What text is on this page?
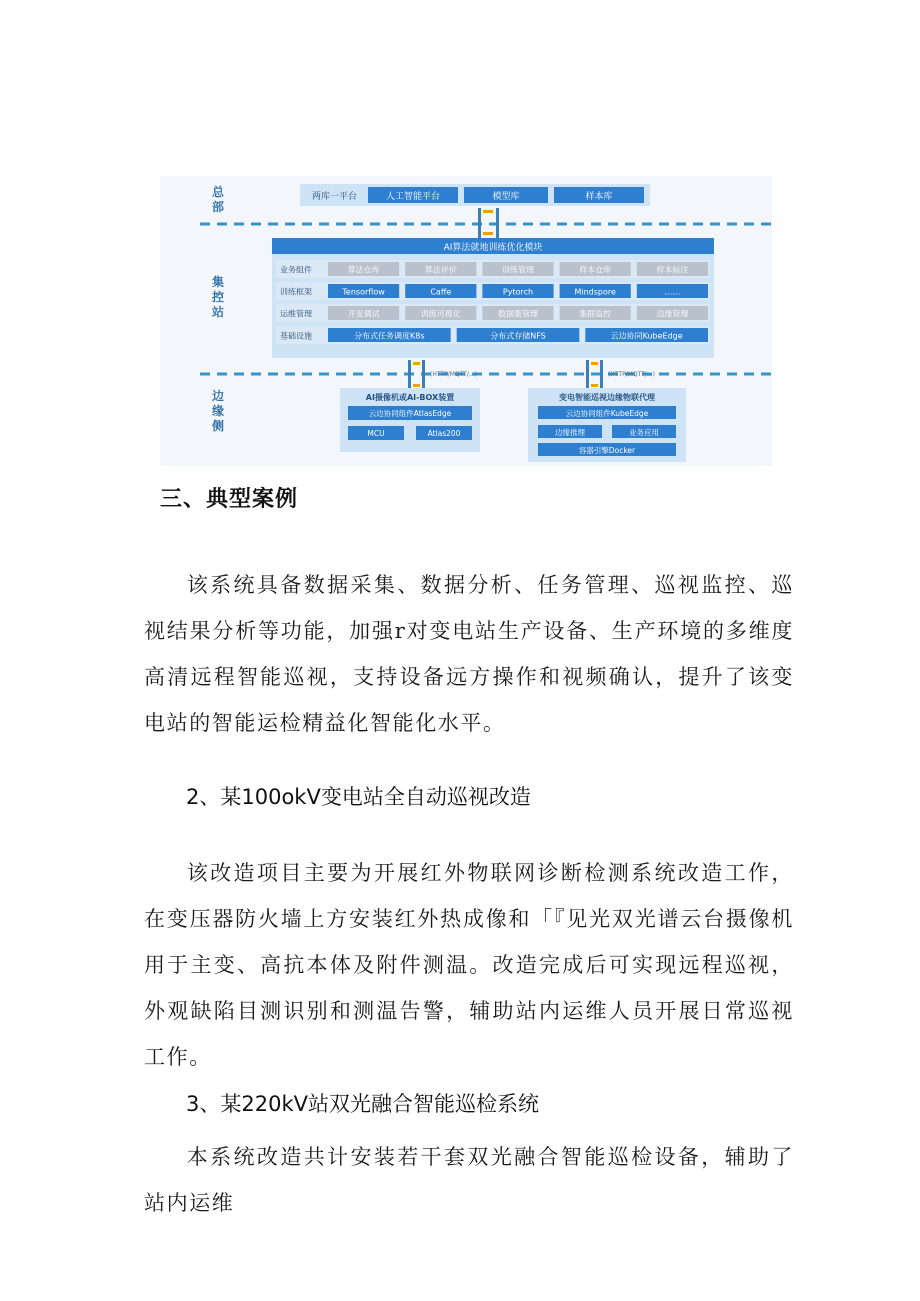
总部
集控站
边缘侧
两库一平台	人工智能平台	模型库	样本库
AI算法就地训练优化模块
业务组件	算法仓库	算法评价	训练管理	样本仓库	样本标注
训练框架	Tensorflow	Caffe	Pytorch	Mindspore	……
运维管理	开发调试	训练可视化	数据集管理	集群监控	边缘管理
基础设施	分布式任务调度K8s	分布式存储NFS	云边协同KubeEdge
(HTTP/MQTT/...)	(HTTP/MQTT/...)
AI摄像机或AI-BOX装置
云边协同组件AtlasEdge
MCU	Atlas200
变电智能巡视边缘物联代理
云边协同组件KubeEdge
边缘推理	业务应用
容器引擎Docker
三、典型案例

该系统具备数据采集、数据分析、任务管理、巡视监控、巡视结果分析等功能，加强r对变电站生产设备、生产环境的多维度高清远程智能巡视，支持设备远方操作和视频确认，提升了该变电站的智能运检精益化智能化水平。

2、某100okV变电站全自动巡视改造

该改造项目主要为开展红外物联网诊断检测系统改造工作，在变压器防火墙上方安装红外热成像和「『见光双光谱云台摄像机用于主变、高抗本体及附件测温。改造完成后可实现远程巡视，外观缺陷目测识别和测温告警，辅助站内运维人员开展日常巡视工作。

3、某220kV站双光融合智能巡检系统

本系统改造共计安装若干套双光融合智能巡检设备，辅助了站内运维
